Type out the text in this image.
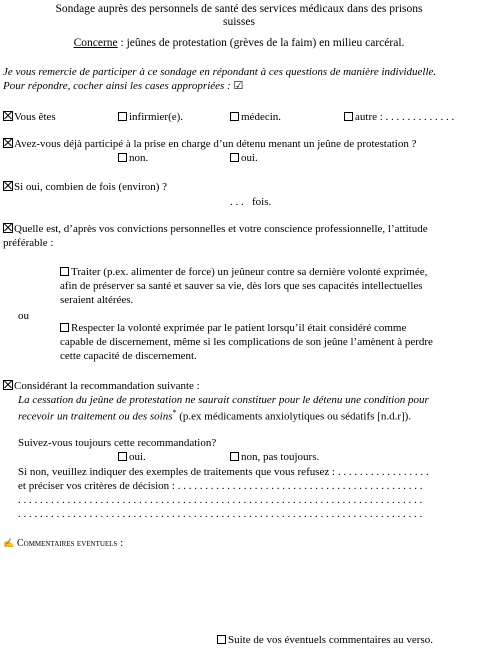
Sondage auprès des personnels de santé des services médicaux dans des prisons
suisses
Concerne : jeûnes de protestation (grèves de la faim) en milieu carcéral.
Je vous remercie de participer à ce sondage en répondant à ces questions de manière individuelle.
Pour répondre, cocher ainsi les cases appropriées : ☑
Vous êtes	infirmier(e).	médecin.	autre : . . . . . . . . . . . . .
Avez-vous déjà participé à la prise en charge d’un détenu menant un jeûne de protestation ?
non.	oui.
Si oui, combien de fois (environ) ?
. . .   fois.
Quelle est, d’après vos convictions personnelles et votre conscience professionnelle, l’attitude
préférable :
Traiter (p.ex. alimenter de force) un jeûneur contre sa dernière volonté exprimée,
afin de préserver sa santé et sauver sa vie, dès lors que ses capacités intellectuelles
seraient altérées.
ou
Respecter la volonté exprimée par le patient lorsqu’il était considéré comme
capable de discernement, même si les complications de son jeûne l’amènent à perdre
cette capacité de discernement.
Considérant la recommandation suivante :
La cessation du jeûne de protestation ne saurait constituer pour le détenu une condition pour
recevoir un traitement ou des soins* (p.ex médicaments anxiolytiques ou sédatifs [n.d.r]).
Suivez-vous toujours cette recommandation?
oui.	non, pas toujours.
Si non, veuillez indiquer des exemples de traitements que vous refusez : . . . . . . . . . . . . . . . . .
et préciser vos critères de décision : . . . . . . . . . . . . . . . . . . . . . . . . . . . . . . . . . . . . . . . . . . . . .
. . . . . . . . . . . . . . . . . . . . . . . . . . . . . . . . . . . . . . . . . . . . . . . . . . . . . . . . . . . . . . . . . . . . . . . . . .
. . . . . . . . . . . . . . . . . . . . . . . . . . . . . . . . . . . . . . . . . . . . . . . . . . . . . . . . . . . . . . . . . . . . . . . . . .
✍ Commentaires eventuels :
Suite de vos éventuels commentaires au verso.
